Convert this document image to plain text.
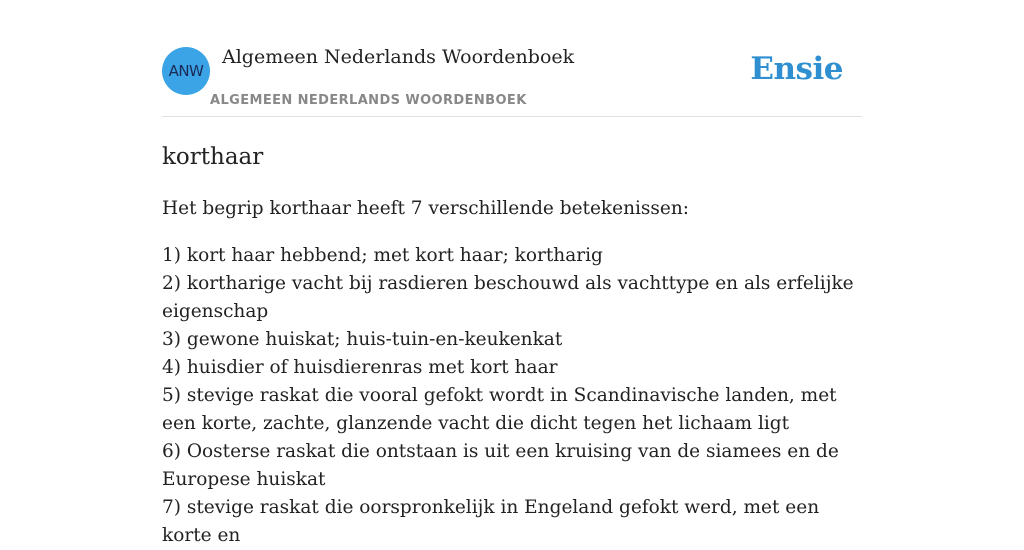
ANW
Algemeen Nederlands Woordenboek
ALGEMEEN NEDERLANDS WOORDENBOEK
Ensie
korthaar

Het begrip korthaar heeft 7 verschillende betekenissen:

1) kort haar hebbend; met kort haar; kortharig
2) kortharige vacht bij rasdieren beschouwd als vachttype en als erfelijke eigenschap
3) gewone huiskat; huis-tuin-en-keukenkat
4) huisdier of huisdierenras met kort haar
5) stevige raskat die vooral gefokt wordt in Scandinavische landen, met een korte, zachte, glanzende vacht die dicht tegen het lichaam ligt
6) Oosterse raskat die ontstaan is uit een kruising van de siamees en de Europese huiskat
7) stevige raskat die oorspronkelijk in Engeland gefokt werd, met een korte en
